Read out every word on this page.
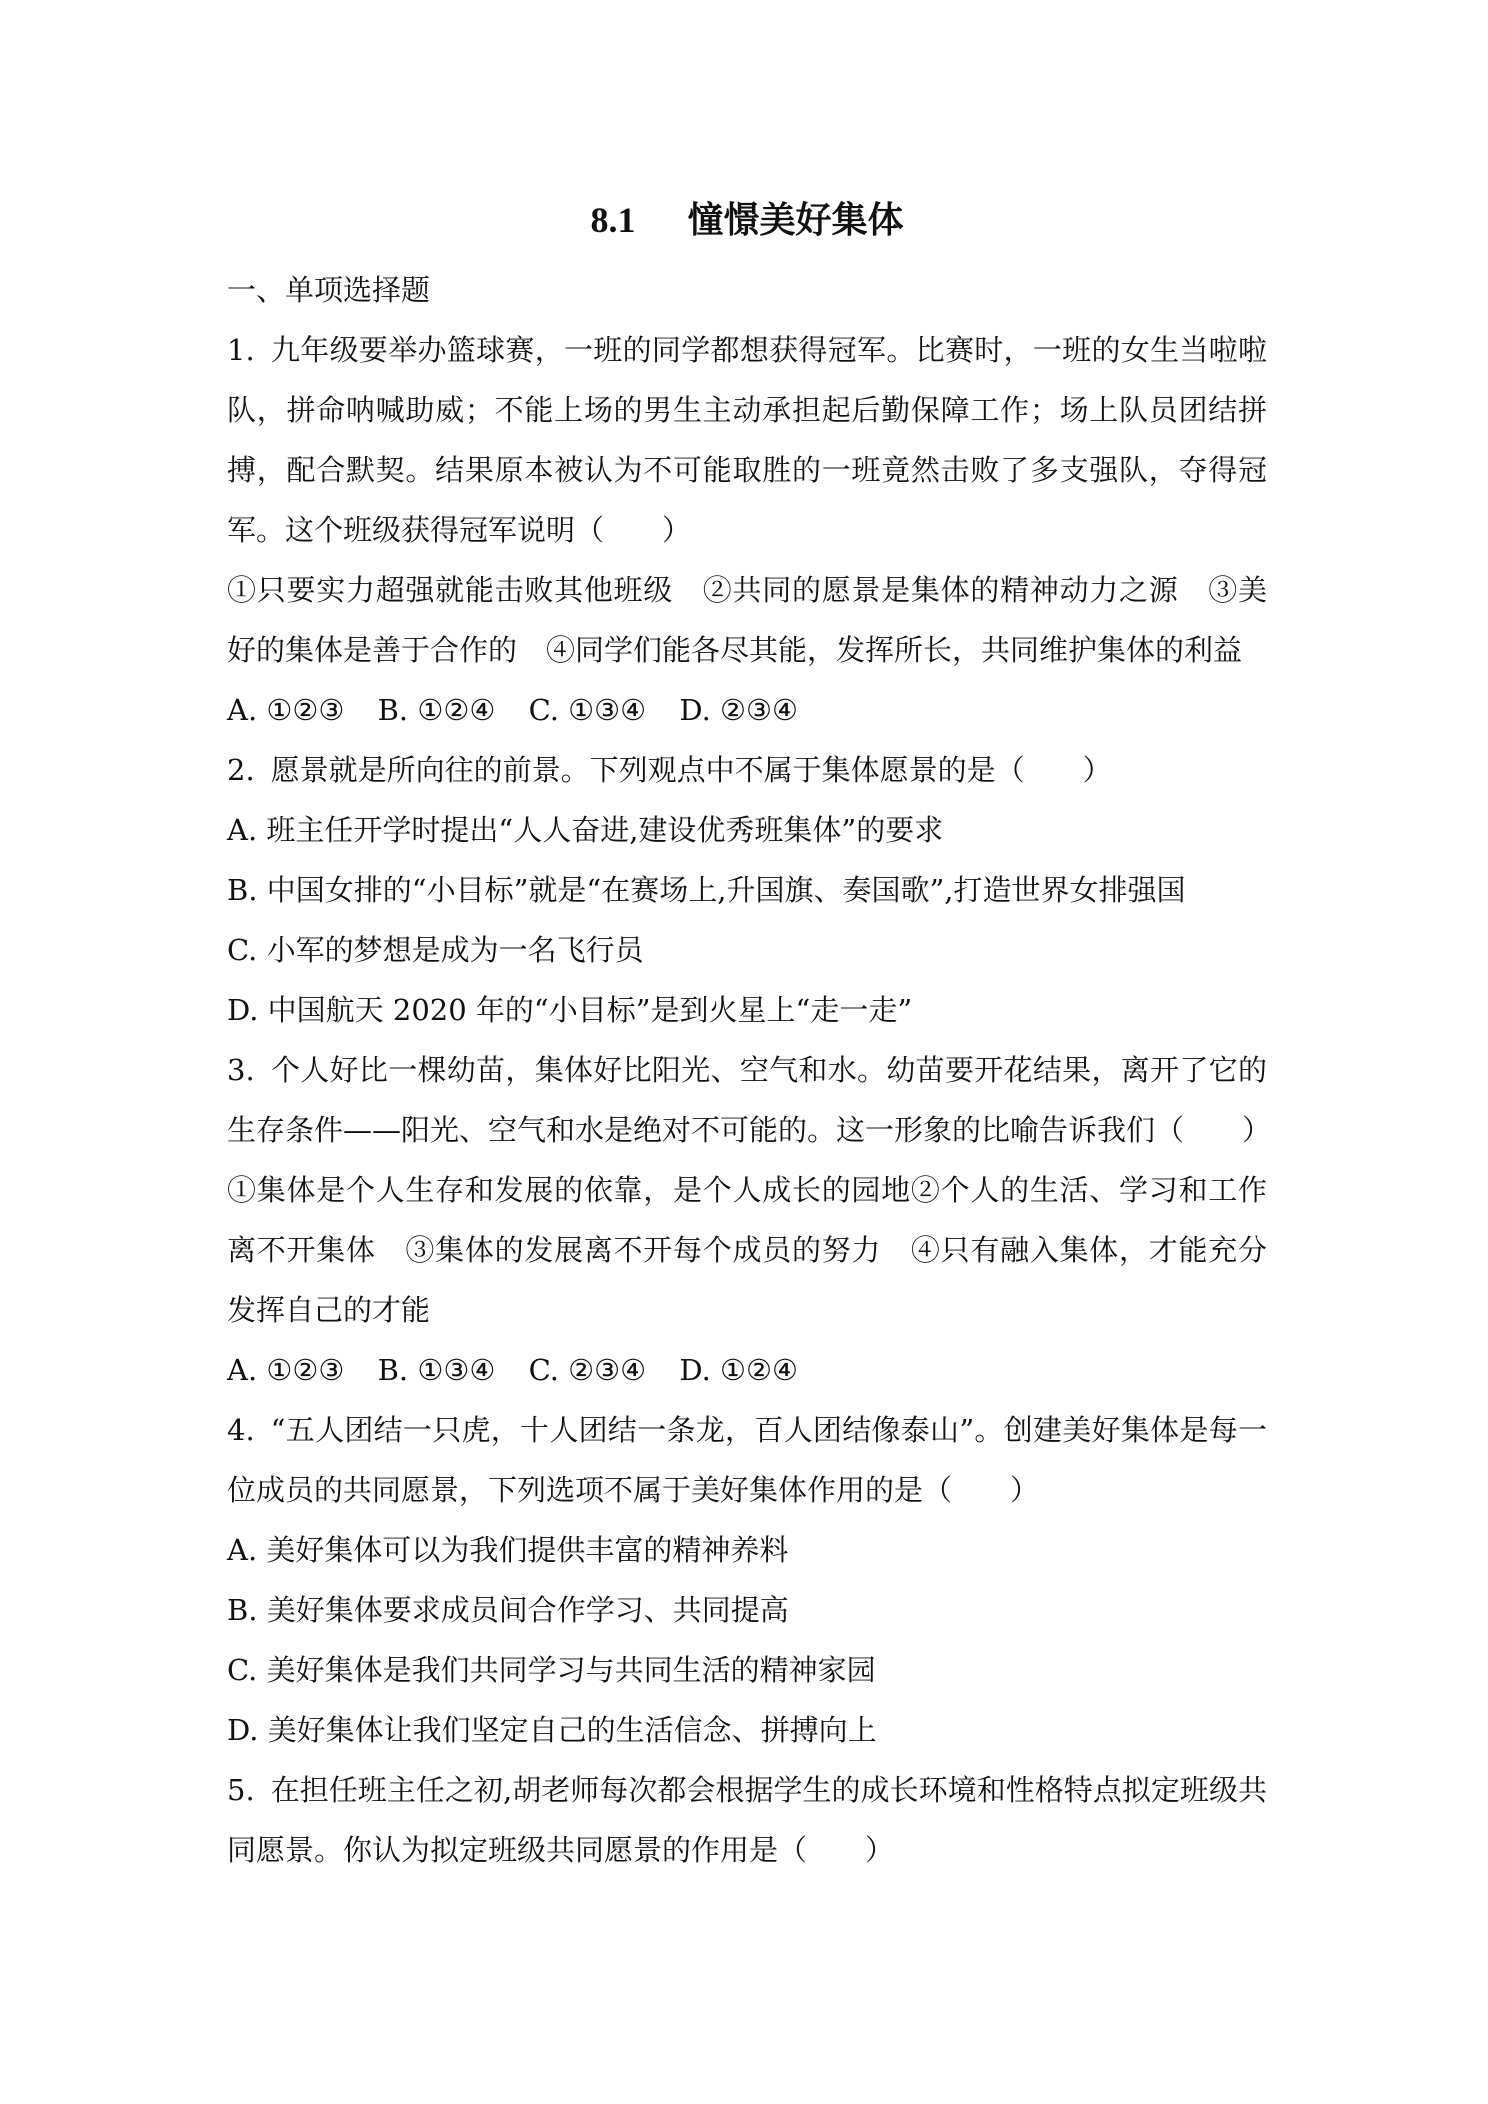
8.1 憧憬美好集体

一、单项选择题

1. 九年级要举办篮球赛，一班的同学都想获得冠军。比赛时，一班的女生当啦啦队，拼命呐喊助威；不能上场的男生主动承担起后勤保障工作；场上队员团结拼搏，配合默契。结果原本被认为不可能取胜的一班竟然击败了多支强队，夺得冠军。这个班级获得冠军说明（　　）

①只要实力超强就能击败其他班级　②共同的愿景是集体的精神动力之源　③美好的集体是善于合作的　④同学们能各尽其能，发挥所长，共同维护集体的利益

A. ①②③ B. ①②④ C. ①③④ D. ②③④

2. 愿景就是所向往的前景。下列观点中不属于集体愿景的是（　　）

A. 班主任开学时提出“人人奋进,建设优秀班集体”的要求

B. 中国女排的“小目标”就是“在赛场上,升国旗、奏国歌”,打造世界女排强国

C. 小军的梦想是成为一名飞行员

D. 中国航天 2020 年的“小目标”是到火星上“走一走”

3. 个人好比一棵幼苗，集体好比阳光、空气和水。幼苗要开花结果，离开了它的生存条件——阳光、空气和水是绝对不可能的。这一形象的比喻告诉我们（　　）

①集体是个人生存和发展的依靠，是个人成长的园地②个人的生活、学习和工作离不开集体　③集体的发展离不开每个成员的努力　④只有融入集体，才能充分发挥自己的才能

A. ①②③ B. ①③④ C. ②③④ D. ①②④

4. “五人团结一只虎，十人团结一条龙，百人团结像泰山”。创建美好集体是每一位成员的共同愿景，下列选项不属于美好集体作用的是（　　）

A. 美好集体可以为我们提供丰富的精神养料

B. 美好集体要求成员间合作学习、共同提高

C. 美好集体是我们共同学习与共同生活的精神家园

D. 美好集体让我们坚定自己的生活信念、拼搏向上

5. 在担任班主任之初,胡老师每次都会根据学生的成长环境和性格特点拟定班级共同愿景。你认为拟定班级共同愿景的作用是（　　）
